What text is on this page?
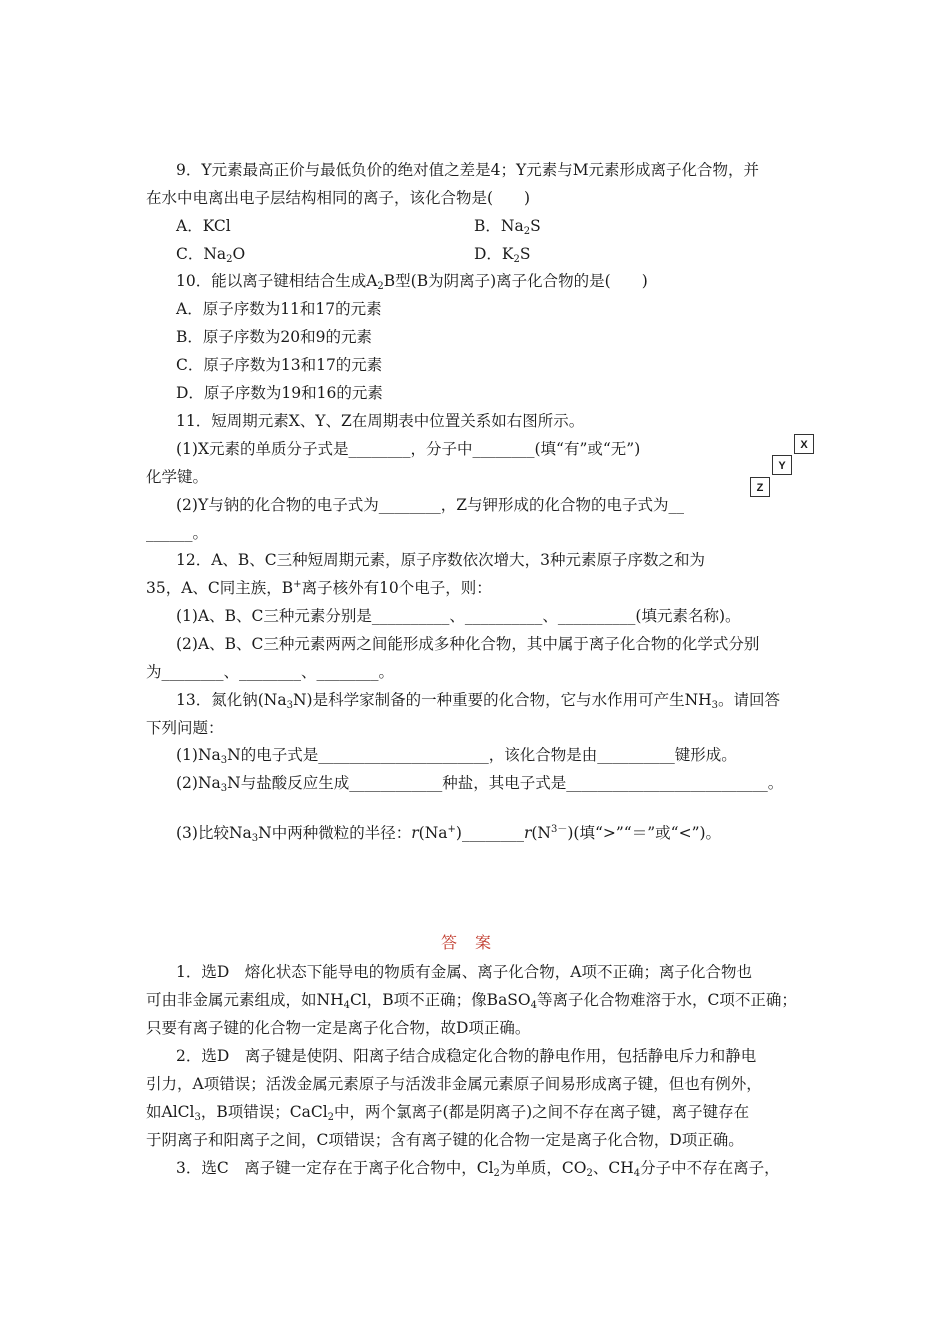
9．Y元素最高正价与最低负价的绝对值之差是4；Y元素与M元素形成离子化合物，并
在水中电离出电子层结构相同的离子，该化合物是(　　)
A．KCl	B．$Na_2S$
C．$Na_2O$	D．$K_2S$
10．能以离子键相结合生成$A_2B$型(B为阴离子)离子化合物的是(　　)
A．原子序数为11和17的元素
B．原子序数为20和9的元素
C．原子序数为13和17的元素
D．原子序数为19和16的元素
11．短周期元素X、Y、Z在周期表中位置关系如右图所示。
(1)X元素的单质分子式是________，分子中________(填“有”或“无”)
化学键。
(2)Y与钠的化合物的电子式为________，Z与钾形成的化合物的电子式为__
______。
X
Y
Z
12．A、B、C三种短周期元素，原子序数依次增大，3种元素原子序数之和为
35，A、C同主族，B+离子核外有10个电子，则：
(1)A、B、C三种元素分别是__________、__________、__________(填元素名称)。
(2)A、B、C三种元素两两之间能形成多种化合物，其中属于离子化合物的化学式分别
为________、________、________。
13．氮化钠$(Na_3N)$是科学家制备的一种重要的化合物，它与水作用可产生$NH_3$。请回答
下列问题：
$(1)Na_3N$的电子式是______________________，该化合物是由__________键形成。
$(2)Na_3N$与盐酸反应生成____________种盐，其电子式是__________________________。
(3)比较$Na_3N$中两种微粒的半径：$r(Na^+)\_\_\_\_\_\_\_\_r(N^{3-})$(填“>”“＝”或“<”)。
答案
1．选D　熔化状态下能导电的物质有金属、离子化合物，A项不正确；离子化合物也
可由非金属元素组成，如$NH_4Cl$，B项不正确；像BaSO$_4$等离子化合物难溶于水，C项不正确；
只要有离子键的化合物一定是离子化合物，故D项正确。
2．选D　离子键是使阴、阳离子结合成稳定化合物的静电作用，包括静电斥力和静电
引力，A项错误；活泼金属元素原子与活泼非金属元素原子间易形成离子键，但也有例外，
如AlCl$_3$，B项错误；CaCl$_2$中，两个氯离子(都是阴离子)之间不存在离子键，离子键存在
于阴离子和阳离子之间，C项错误；含有离子键的化合物一定是离子化合物，D项正确。
3．选C　离子键一定存在于离子化合物中，$Cl_2$为单质，$CO_2$、$CH_4$分子中不存在离子，
